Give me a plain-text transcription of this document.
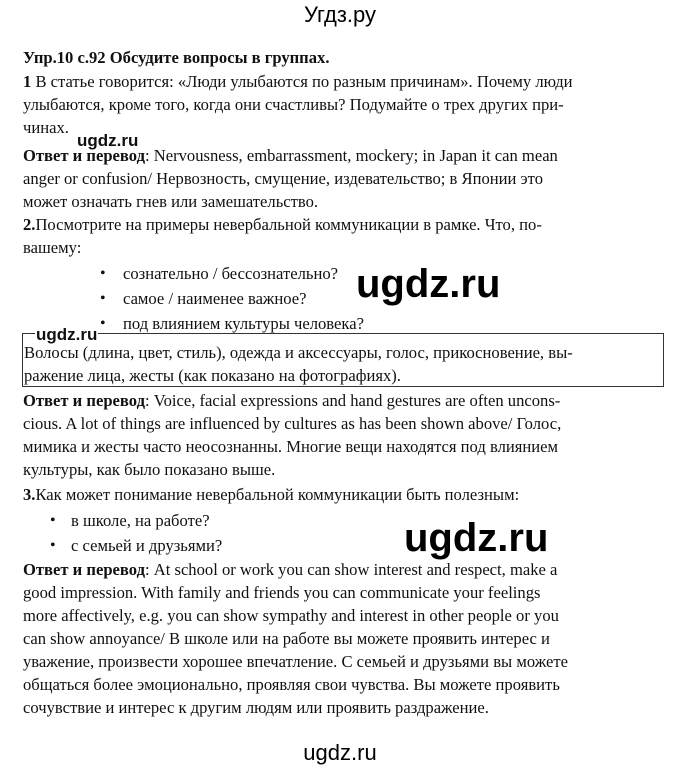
Угдз.ру
Упр.10 с.92 Обсудите вопросы в группах.
1 В статье говорится: «Люди улыбаются по разным причинам». Почему люди
улыбаются, кроме того, когда они счастливы? Подумайте о трех других при-
чинах.
ugdz.ru
Ответ и перевод: Nervousness, embarrassment, mockery; in Japan it can mean
anger or confusion/ Нервозность, смущение, издевательство; в Японии это
может означать гнев или замешательство.
2.Посмотрите на примеры невербальной коммуникации в рамке. Что, по-
вашему:
• сознательно / бессознательно?
• самое / наименее важное?
• под влиянием культуры человека?
ugdz.ru
ugdz.ru
Волосы (длина, цвет, стиль), одежда и аксессуары, голос, прикосновение, вы-
ражение лица, жесты (как показано на фотографиях).
Ответ и перевод: Voice, facial expressions and hand gestures are often uncons-
cious. A lot of things are influenced by cultures as has been shown above/ Голос,
мимика и жесты часто неосознанны. Многие вещи находятся под влиянием
культуры, как было показано выше.
3.Как может понимание невербальной коммуникации быть полезным:
• в школе, на работе?
• с семьей и друзьями?	ugdz.ru
Ответ и перевод: At school or work you can show interest and respect, make a
good impression. With family and friends you can communicate your feelings
more affectively, e.g. you can show sympathy and interest in other people or you
can show annoyance/ В школе или на работе вы можете проявить интерес и
уважение, произвести хорошее впечатление. С семьей и друзьями вы можете
общаться более эмоционально, проявляя свои чувства. Вы можете проявить
сочувствие и интерес к другим людям или проявить раздражение.
ugdz.ru
